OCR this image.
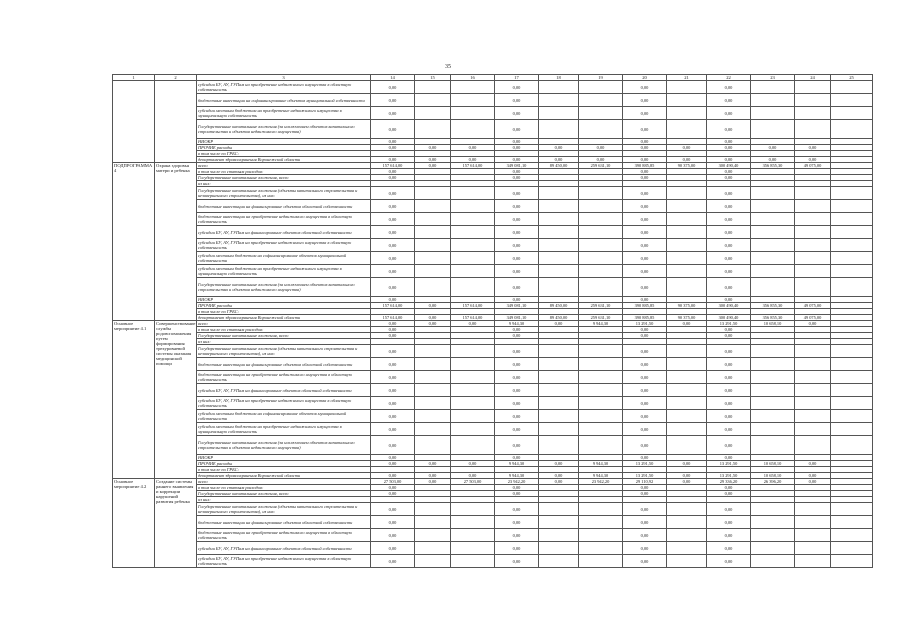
35
1	2	3	14	15	16	17	18	19	20	21	22	23	24	25
		субсидии БУ, АУ, ГУПам на приобретение недвижимого имущества в областную собственность	0,00			0,00			0,00		0,00			
		бюджетные инвестиции на софинансирование объектов муниципальной собственности	0,00			0,00			0,00		0,00			
		субсидии местным бюджетам на приобретение недвижимого имущества в муниципальную собственность	0,00			0,00			0,00		0,00			
		Государственные капитальные вложения (за исключением объектов капитального строительства и объектов недвижимого имущества)	0,00			0,00			0,00		0,00			
		НИОКР	0,00			0,00			0,00		0,00			
		ПРОЧИЕ расходы	0,00	0,00	0,00	0,00	0,00	0,00	0,00	0,00	0,00	0,00	0,00	
		в том числе по ГРБС:												
		департамент здравоохранения Воронежской области	0,00	0,00	0,00	0,00	0,00	0,00	0,00	0,00	0,00	0,00	0,00	
ПОДПРОГРАММА 4	Охрана здоровья матери и ребенка	всего	157 614,00	0,00	157 614,00	349 081,10	89 450,00	259 631,10	390 885,85	90 375,00	300 490,40	356 855,30	49 075,00	
		в том числе по статьям расходов:	0,00			0,00			0,00		0,00			
		Государственные капитальные вложения, всего	0,00			0,00			0,00		0,00			
		из них:												
		Государственные капитальные вложения (объекты капитального строительства и незавершенного строительства), из них:	0,00			0,00			0,00		0,00			
		бюджетные инвестиции на финансирование объектов областной собственности	0,00			0,00			0,00		0,00			
		бюджетные инвестиции на приобретение недвижимого имущества в областную собственность	0,00			0,00			0,00		0,00			
		субсидии БУ, АУ, ГУПам на финансирование объектов областной собственности	0,00			0,00			0,00		0,00			
		субсидии БУ, АУ, ГУПам на приобретение недвижимого имущества в областную собственность	0,00			0,00			0,00		0,00			
		субсидии местным бюджетам на софинансирование объектов муниципальной собственности	0,00			0,00			0,00		0,00			
		субсидии местным бюджетам на приобретение недвижимого имущества в муниципальную собственность	0,00			0,00			0,00		0,00			
		Государственные капитальные вложения (за исключением объектов капитального строительства и объектов недвижимого имущества)	0,00			0,00			0,00		0,00			
		НИОКР	0,00			0,00			0,00		0,00			
		ПРОЧИЕ расходы	157 614,00	0,00	157 614,00	349 081,10	89 450,00	259 631,10	390 885,85	90 375,00	300 490,40	356 855,30	49 075,00	
		в том числе по ГРБС:												
		департамент здравоохранения Воронежской области	157 614,00	0,00	157 614,00	349 081,10	89 450,00	259 631,10	390 885,85	90 375,00	300 490,40	356 855,30	49 075,00	
Основное мероприятие 4.1	Совершенствование службы родовспоможения путем формирования трехуровневой системы оказания медицинской помощи	всего	0,00	0,00	0,00	9 944,30	0,00	9 944,30	13 291,50	0,00	13 291,50	10 658,10	0,00	
		в том числе по статьям расходов:	0,00			0,00			0,00		0,00			
		Государственные капитальные вложения, всего	0,00			0,00			0,00		0,00			
		из них:												
		Государственные капитальные вложения (объекты капитального строительства и незавершенного строительства), из них:	0,00			0,00			0,00		0,00			
		бюджетные инвестиции на финансирование объектов областной собственности	0,00			0,00			0,00		0,00			
		бюджетные инвестиции на приобретение недвижимого имущества в областную собственность	0,00			0,00			0,00		0,00			
		субсидии БУ, АУ, ГУПам на финансирование объектов областной собственности	0,00			0,00			0,00		0,00			
		субсидии БУ, АУ, ГУПам на приобретение недвижимого имущества в областную собственность	0,00			0,00			0,00		0,00			
		субсидии местным бюджетам на софинансирование объектов муниципальной собственности	0,00			0,00			0,00		0,00			
		субсидии местным бюджетам на приобретение недвижимого имущества в муниципальную собственность	0,00			0,00			0,00		0,00			
		Государственные капитальные вложения (за исключением объектов капитального строительства и объектов недвижимого имущества)	0,00			0,00			0,00		0,00			
		НИОКР	0,00			0,00			0,00		0,00			
		ПРОЧИЕ расходы	0,00	0,00	0,00	9 944,30	0,00	9 944,30	13 291,50	0,00	13 291,50	10 658,10	0,00	
		в том числе по ГРБС:												
		департамент здравоохранения Воронежской области	0,00	0,00	0,00	9 944,30	0,00	9 944,30	13 291,50	0,00	13 291,50	10 658,10	0,00	
Основное мероприятие 4.2	Создание системы раннего выявления и коррекции нарушений развития ребенка	всего	27 503,00	0,00	27 503,00	23 942,20	0,00	23 942,20	29 110,92	0,00	29 336,20	26 396,20	0,00	
		в том числе по статьям расходов:	0,00			0,00			0,00		0,00			
		Государственные капитальные вложения, всего	0,00			0,00			0,00		0,00			
		из них:												
		Государственные капитальные вложения (объекты капитального строительства и незавершенного строительства), из них:	0,00			0,00			0,00		0,00			
		бюджетные инвестиции на финансирование объектов областной собственности	0,00			0,00			0,00		0,00			
		бюджетные инвестиции на приобретение недвижимого имущества в областную собственность	0,00			0,00			0,00		0,00			
		субсидии БУ, АУ, ГУПам на финансирование объектов областной собственности	0,00			0,00			0,00		0,00			
		субсидии БУ, АУ, ГУПам на приобретение недвижимого имущества в областную собственность	0,00			0,00			0,00		0,00			
